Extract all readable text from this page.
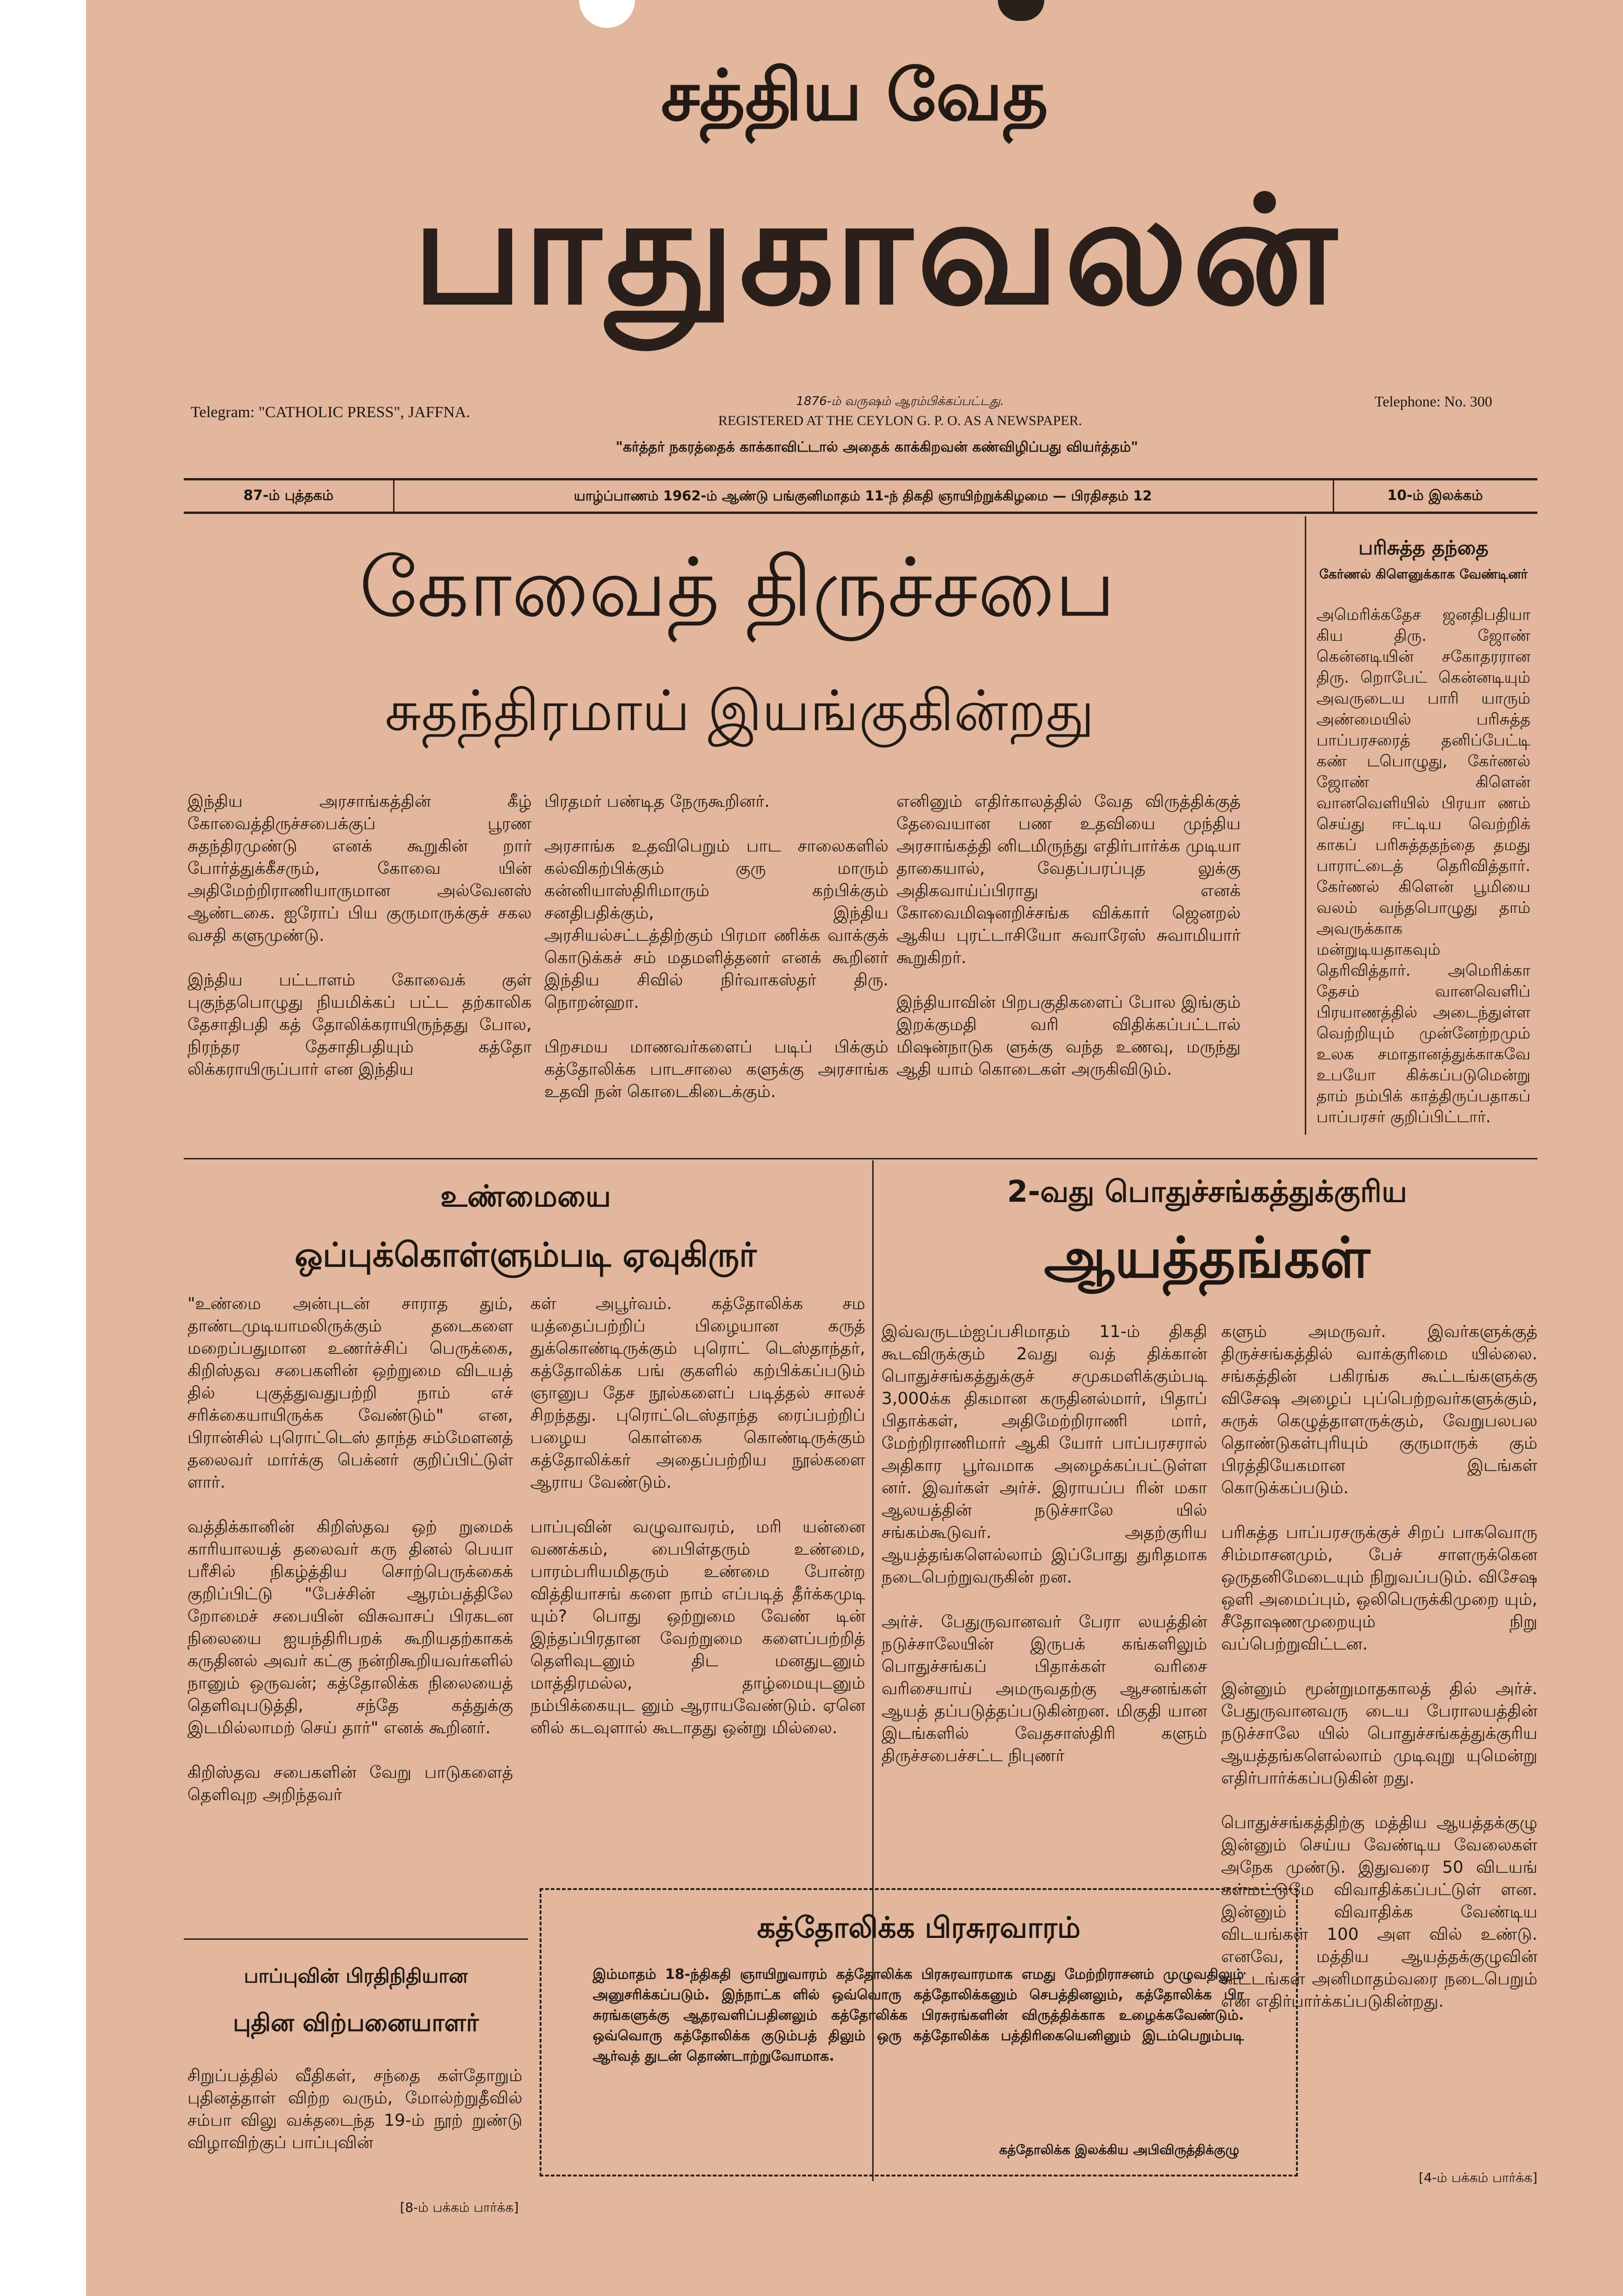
சத்திய வேத
பாதுகாவலன்
Telegram: "CATHOLIC PRESS", JAFFNA.
1876-ம் வருஷம் ஆரம்பிக்கப்பட்டது.
REGISTERED AT THE CEYLON G. P. O. AS A NEWSPAPER.
Telephone: No. 300
"கர்த்தர் நகரத்தைக் காக்காவிட்டால் அதைக் காக்கிறவன் கண்விழிப்பது வியர்த்தம்"
87-ம் புத்தகம்	யாழ்ப்பாணம் 1962-ம் ஆண்டு பங்குனிமாதம் 11-ந் திகதி ஞாயிற்றுக்கிழமை — பிரதிசதம் 12	10-ம் இலக்கம்
கோவைத் திருச்சபை
சுதந்திரமாய் இயங்குகின்றது
இந்திய அரசாங்கத்தின் கீழ் கோவைத்திருச்சபைக்குப் பூரண சுதந்திரமுண்டு எனக் கூறுகின் றார் போர்த்துக்கீசரும், கோவை யின் அதிமேற்றிராணியாருமான அல்வேனஸ் ஆண்டகை. ஐரோப் பிய குருமாருக்குச் சகல வசதி களுமுண்டு.

இந்திய பட்டாளம் கோவைக் குள் புகுந்தபொழுது நியமிக்கப் பட்ட தற்காலிக தேசாதிபதி கத் தோலிக்கராயிருந்தது போல, நிரந்தர தேசாதிபதியும் கத்தோ லிக்கராயிருப்பார் என இந்திய
பிரதமர் பண்டித நேருகூறினர்.

அரசாங்க உதவிபெறும் பாட சாலைகளில் கல்விகற்பிக்கும் குரு மாரும் கன்னியாஸ்திரிமாரும் கற்பிக்கும் சனதிபதிக்கும், இந்திய அரசியல்சட்டத்திற்கும் பிரமா ணிக்க வாக்குக் கொடுக்கச் சம் மதமளித்தனர் எனக் கூறினர் இந்திய சிவில் நிர்வாகஸ்தர் திரு. நொறன்ஹா.

பிறசமய மாணவர்களைப் படிப் பிக்கும் கத்தோலிக்க பாடசாலை களுக்கு அரசாங்க உதவி நன் கொடைகிடைக்கும்.
எனினும் எதிர்காலத்தில் வேத விருத்திக்குத் தேவையான பண உதவியை முந்திய அரசாங்கத்தி னிடமிருந்து எதிர்பார்க்க முடியா தாகையால், வேதப்பரப்புத லுக்கு அதிகவாய்ப்பிராது எனக் கோவைமிஷனறிச்சங்க விக்கார் ஜெனறல் ஆகிய புரட்டாசியோ சுவாரேஸ் சுவாமியார் கூறுகிறர்.

இந்தியாவின் பிறபகுதிகளைப் போல இங்கும் இறக்குமதி வரி விதிக்கப்பட்டால் மிஷன்நாடுக ளுக்கு வந்த உணவு, மருந்து ஆதி யாம் கொடைகள் அருகிவிடும்.
பரிசுத்த தந்தை
கேர்ணல் கிளெனுக்காக வேண்டினர்
அமெரிக்கதேச ஜனதிபதியா கிய திரு. ஜோண் கென்னடியின் சகோதரரான திரு. றொபேட் கென்னடியும் அவருடைய பாரி யாரும் அண்மையில் பரிசுத்த பாப்பரசரைத் தனிப்பேட்டி கண் டபொழுது, கேர்ணல் ஜோண் கிளென் வானவெளியில் பிரயா ணம் செய்து ஈட்டிய வெற்றிக் காகப் பரிசுத்ததந்தை தமது பாராட்டைத் தெரிவித்தார். கேர்ணல் கிளென் பூமியை வலம் வந்தபொழுது தாம் அவருக்காக மன்றுடியதாகவும் தெரிவித்தார். அமெரிக்கா தேசம் வானவெளிப் பிரயாணத்தில் அடைந்துள்ள வெற்றியும் முன்னேற்றமும் உலக சமாதானத்துக்காகவே உபயோ கிக்கப்படுமென்று தாம் நம்பிக் காத்திருப்பதாகப் பாப்பரசர் குறிப்பிட்டார்.
உண்மையை
ஒப்புக்கொள்ளும்படி ஏவுகிருர்
"உண்மை அன்புடன் சாராத தும், தாண்டமுடியாமலிருக்கும் தடைகளை மறைப்பதுமான உணர்ச்சிப் பெருக்கை, கிறிஸ்தவ சபைகளின் ஒற்றுமை விடயத் தில் புகுத்துவதுபற்றி நாம் எச் சரிக்கையாயிருக்க வேண்டும்" என, பிரான்சில் புரொட்டெஸ் தாந்த சம்மேளனத் தலைவர் மார்க்கு பெக்னர் குறிப்பிட்டுள் ளார்.

வத்திக்கானின் கிறிஸ்தவ ஒற் றுமைக் காரியாலயத் தலைவர் கரு தினல் பெயா பரீசில் நிகழ்த்திய சொற்பெருக்கைக் குறிப்பிட்டு "பேச்சின் ஆரம்பத்திலே றோமைச் சபையின் விசுவாசப் பிரகடன நிலையை ஐயந்திரிபறக் கூறியதற்காகக் கருதினல் அவர் கட்கு நன்றிகூறியவர்களில் நானும் ஒருவன்; கத்தோலிக்க நிலையைத் தெளிவுபடுத்தி, சந்தே கத்துக்கு இடமில்லாமற் செய் தார்" எனக் கூறினர்.

கிறிஸ்தவ சபைகளின் வேறு பாடுகளைத் தெளிவுற அறிந்தவர்
கள் அபூர்வம். கத்தோலிக்க சம யத்தைப்பற்றிப் பிழையான கருத் துக்கொண்டிருக்கும் புரொட் டெஸ்தாந்தர், கத்தோலிக்க பங் குகளில் கற்பிக்கப்படும் ஞானுப தேச நூல்களைப் படித்தல் சாலச் சிறந்தது. புரொட்டெஸ்தாந்த ரைப்பற்றிப் பழைய கொள்கை கொண்டிருக்கும் கத்தோலிக்கர் அதைப்பற்றிய நூல்களை ஆராய வேண்டும்.

பாப்புவின் வழுவாவரம், மரி யன்னை வணக்கம், பைபிள்தரும் உண்மை, பாரம்பரியமிதரும் உண்மை போன்ற வித்தியாசங் களை நாம் எப்படித் தீர்க்கமுடி யும்? பொது ஒற்றுமை வேண் டின் இந்தப்பிரதான வேற்றுமை களைப்பற்றித் தெளிவுடனும் திட மனதுடனும் மாத்திரமல்ல, தாழ்மையுடனும் நம்பிக்கையுட னும் ஆராயவேண்டும். ஏனெ னில் கடவுளால் கூடாதது ஒன்று மில்லை.
2-வது பொதுச்சங்கத்துக்குரிய
ஆயத்தங்கள்
இவ்வருடம்ஐப்பசிமாதம் 11-ம் திகதி கூடவிருக்கும் 2வது வத் திக்கான் பொதுச்சங்கத்துக்குச் சமுகமளிக்கும்படி 3,000க்க திகமான கருதினல்மார், பிதாப் பிதாக்கள், அதிமேற்றிராணி மார், மேற்றிராணிமார் ஆகி யோர் பாப்பரசரால் அதிகார பூர்வமாக அழைக்கப்பட்டுள்ள னர். இவர்கள் அர்ச். இராயப்ப ரின் மகா ஆலயத்தின் நடுச்சாலே யில் சங்கம்கூடுவர். அதற்குரிய ஆயத்தங்களெல்லாம் இப்போது துரிதமாக நடைபெற்றுவருகின் றன.

அர்ச். பேதுருவானவர் பேரா லயத்தின் நடுச்சாலேயின் இருபக் கங்களிலும் பொதுச்சங்கப் பிதாக்கள் வரிசை வரிசையாய் அமருவதற்கு ஆசனங்கள் ஆயத் தப்படுத்தப்படுகின்றன. மிகுதி யான இடங்களில் வேதசாஸ்திரி களும் திருச்சபைச்சட்ட நிபுணர்
களும் அமருவர். இவர்களுக்குத் திருச்சங்கத்தில் வாக்குரிமை யில்லை. சங்கத்தின் பகிரங்க கூட்டங்களுக்கு விசேஷ அழைப் புப்பெற்றவர்களுக்கும், சுருக் கெழுத்தாளருக்கும், வேறுபலபல தொண்டுகள்புரியும் குருமாருக் கும் பிரத்தியேகமான இடங்கள் கொடுக்கப்படும்.

பரிசுத்த பாப்பரசருக்குச் சிறப் பாகவொரு சிம்மாசனமும், பேச் சாளருக்கென ஒருதனிமேடையும் நிறுவப்படும். விசேஷ ஒளி அமைப்பும், ஒலிபெருக்கிமுறை யும், சீதோஷணமுறையும் நிறு வப்பெற்றுவிட்டன.

இன்னும் மூன்றுமாதகாலத் தில் அர்ச். பேதுருவானவரு டைய பேராலயத்தின் நடுச்சாலே யில் பொதுச்சங்கத்துக்குரிய ஆயத்தங்களெல்லாம் முடிவுறு யுமென்று எதிர்பார்க்கப்படுகின் றது.

பொதுச்சங்கத்திற்கு மத்திய ஆயத்தக்குழு இன்னும் செய்ய வேண்டிய வேலைகள் அநேக முண்டு. இதுவரை 50 விடயங் கள்மட்டுமே விவாதிக்கப்பட்டுள் ளன. இன்னும் விவாதிக்க வேண்டிய விடயங்கள் 100 அள வில் உண்டு. எனவே, மத்திய ஆயத்தக்குழுவின் கூட்டங்கள் அனிமாதம்வரை நடைபெறும் என எதிர்பார்க்கப்படுகின்றது.
[4-ம் பக்கம் பார்க்க]
கத்தோலிக்க பிரசுரவாரம்
இம்மாதம் 18-ந்திகதி ஞாயிறுவாரம் கத்தோலிக்க பிரசுரவாரமாக எமது மேற்றிராசனம் முழுவதிலும் அனுசரிக்கப்படும். இந்நாட்க ளில் ஒவ்வொரு கத்தோலிக்கனும் செபத்தினலும், கத்தோலிக்க பிர சுரங்களுக்கு ஆதரவளிப்பதினலும் கத்தோலிக்க பிரசுரங்களின் விருத்திக்காக உழைக்கவேண்டும். ஒவ்வொரு கத்தோலிக்க குடும்பத் திலும் ஒரு கத்தோலிக்க பத்திரிகையெனினும் இடம்பெறும்படி ஆர்வத் துடன் தொண்டாற்றுவோமாக.
கத்தோலிக்க இலக்கிய அபிவிருத்திக்குழு
பாப்புவின் பிரதிநிதியான
புதின விற்பனையாளர்
சிறுப்பத்தில் வீதிகள், சந்தை கள்தோறும் புதினத்தாள் விற்ற வரும், மோல்ற்றுதீவில் சம்பா விலு வக்தடைந்த 19-ம் நூற் றுண்டு விழாவிற்குப் பாப்புவின்
[8-ம் பக்கம் பார்க்க]
